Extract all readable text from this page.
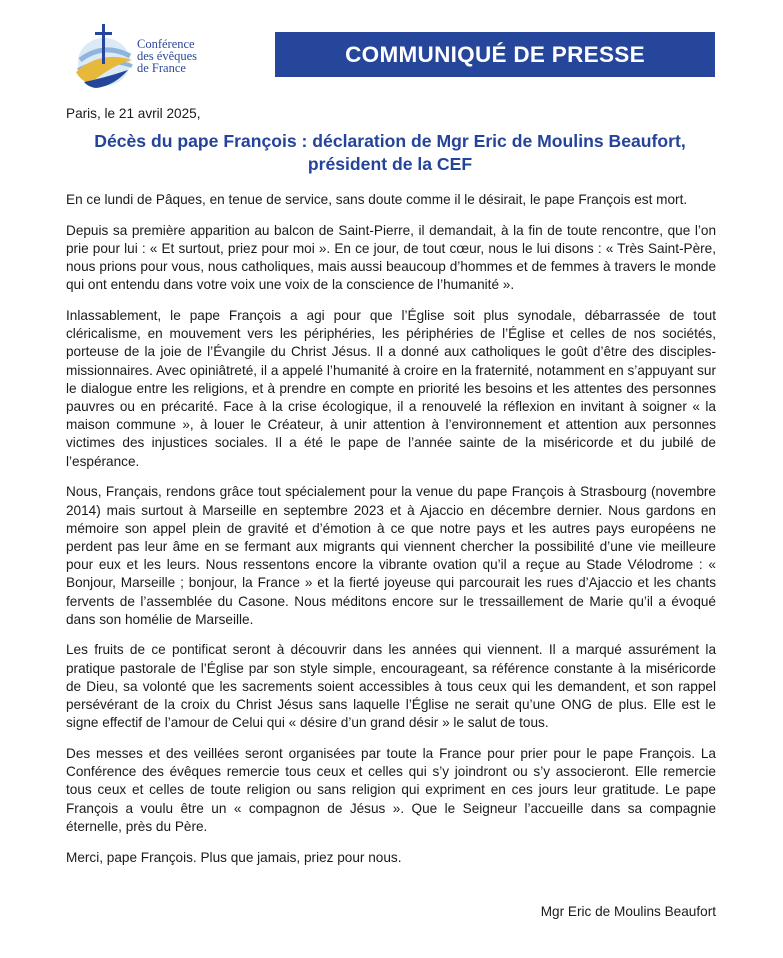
Conférence
des évêques
de France
COMMUNIQUÉ DE PRESSE
Paris, le 21 avril 2025,
Décès du pape François : déclaration de Mgr Eric de Moulins Beaufort,
président de la CEF

En ce lundi de Pâques, en tenue de service, sans doute comme il le désirait, le pape François est mort.

Depuis sa première apparition au balcon de Saint-Pierre, il demandait, à la fin de toute rencontre, que l’on prie pour lui : « Et surtout, priez pour moi ». En ce jour, de tout cœur, nous le lui disons : « Très Saint-Père, nous prions pour vous, nous catholiques, mais aussi beaucoup d’hommes et de femmes à travers le monde qui ont entendu dans votre voix une voix de la conscience de l’humanité ».

Inlassablement, le pape François a agi pour que l’Église soit plus synodale, débarrassée de tout cléricalisme, en mouvement vers les périphéries, les périphéries de l’Église et celles de nos sociétés, porteuse de la joie de l’Évangile du Christ Jésus. Il a donné aux catholiques le goût d’être des disciples-missionnaires. Avec opiniâtreté, il a appelé l’humanité à croire en la fraternité, notamment en s’appuyant sur le dialogue entre les religions, et à prendre en compte en priorité les besoins et les attentes des personnes pauvres ou en précarité. Face à la crise écologique, il a renouvelé la réflexion en invitant à soigner « la maison commune », à louer le Créateur, à unir attention à l’environnement et attention aux personnes victimes des injustices sociales. Il a été le pape de l’année sainte de la miséricorde et du jubilé de l’espérance.

Nous, Français, rendons grâce tout spécialement pour la venue du pape François à Strasbourg (novembre 2014) mais surtout à Marseille en septembre 2023 et à Ajaccio en décembre dernier. Nous gardons en mémoire son appel plein de gravité et d’émotion à ce que notre pays et les autres pays européens ne perdent pas leur âme en se fermant aux migrants qui viennent chercher la possibilité d’une vie meilleure pour eux et les leurs. Nous ressentons encore la vibrante ovation qu’il a reçue au Stade Vélodrome : « Bonjour, Marseille ; bonjour, la France » et la fierté joyeuse qui parcourait les rues d’Ajaccio et les chants fervents de l’assemblée du Casone. Nous méditons encore sur le tressaillement de Marie qu’il a évoqué dans son homélie de Marseille.

Les fruits de ce pontificat seront à découvrir dans les années qui viennent. Il a marqué assurément la pratique pastorale de l’Église par son style simple, encourageant, sa référence constante à la miséricorde de Dieu, sa volonté que les sacrements soient accessibles à tous ceux qui les demandent, et son rappel persévérant de la croix du Christ Jésus sans laquelle l’Église ne serait qu’une ONG de plus. Elle est le signe effectif de l’amour de Celui qui « désire d’un grand désir » le salut de tous.

Des messes et des veillées seront organisées par toute la France pour prier pour le pape François. La Conférence des évêques remercie tous ceux et celles qui s’y joindront ou s’y associeront. Elle remercie tous ceux et celles de toute religion ou sans religion qui expriment en ces jours leur gratitude. Le pape François a voulu être un « compagnon de Jésus ». Que le Seigneur l’accueille dans sa compagnie éternelle, près du Père.

Merci, pape François. Plus que jamais, priez pour nous.

Mgr Eric de Moulins Beaufort
